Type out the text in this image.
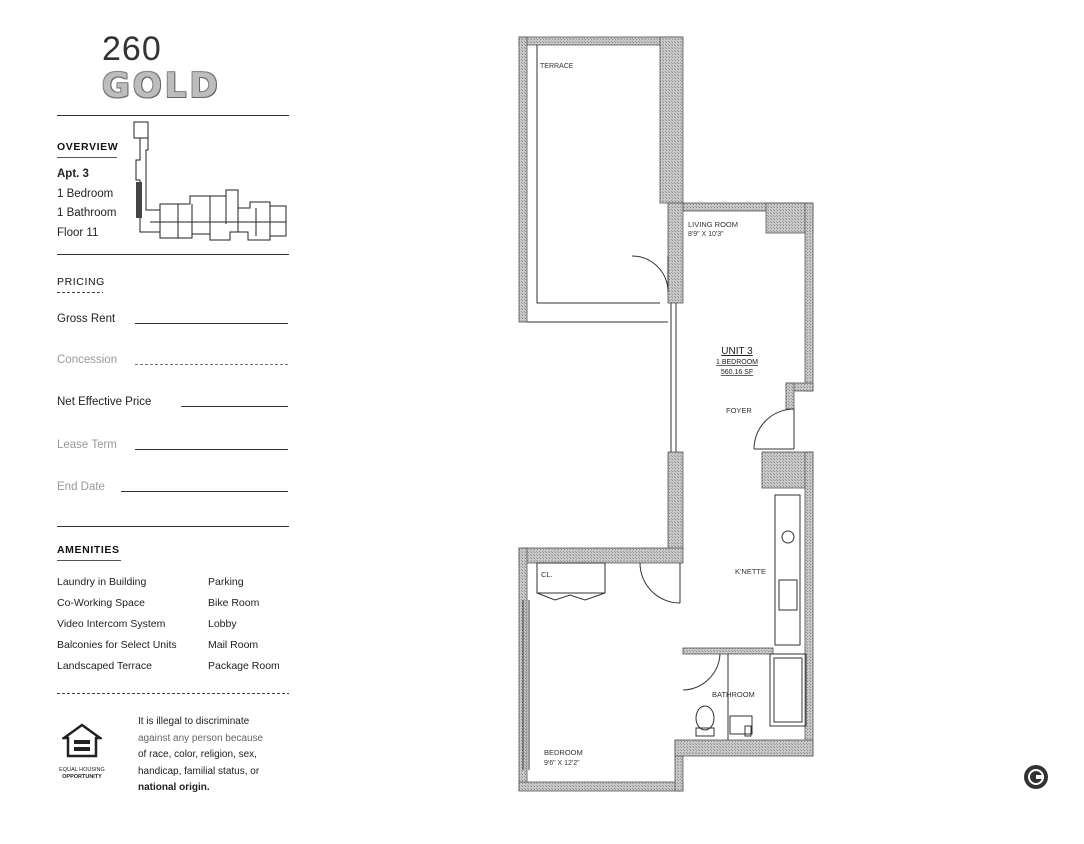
260
GOLD
OVERVIEW
Apt. 3
1 Bedroom
1 Bathroom
Floor 11
PRICING
Gross Rent
Concession
Net Effective Price
Lease Term
End Date
AMENITIES
Laundry in Building
Co-Working Space
Video Intercom System
Balconies for Select Units
Landscaped Terrace
Parking
Bike Room
Lobby
Mail Room
Package Room
EQUAL HOUSING
OPPORTUNITY
It is illegal to discriminate
against any person because
of race, color, religion, sex,
handicap, familial status, or
national origin.
TERRACE
LIVING ROOM
8'9" X 10'3"
UNIT 3
1 BEDROOM
560.16 SF
FOYER
K'NETTE
CL.
BATHROOM
BEDROOM
9'6" X 12'2"
